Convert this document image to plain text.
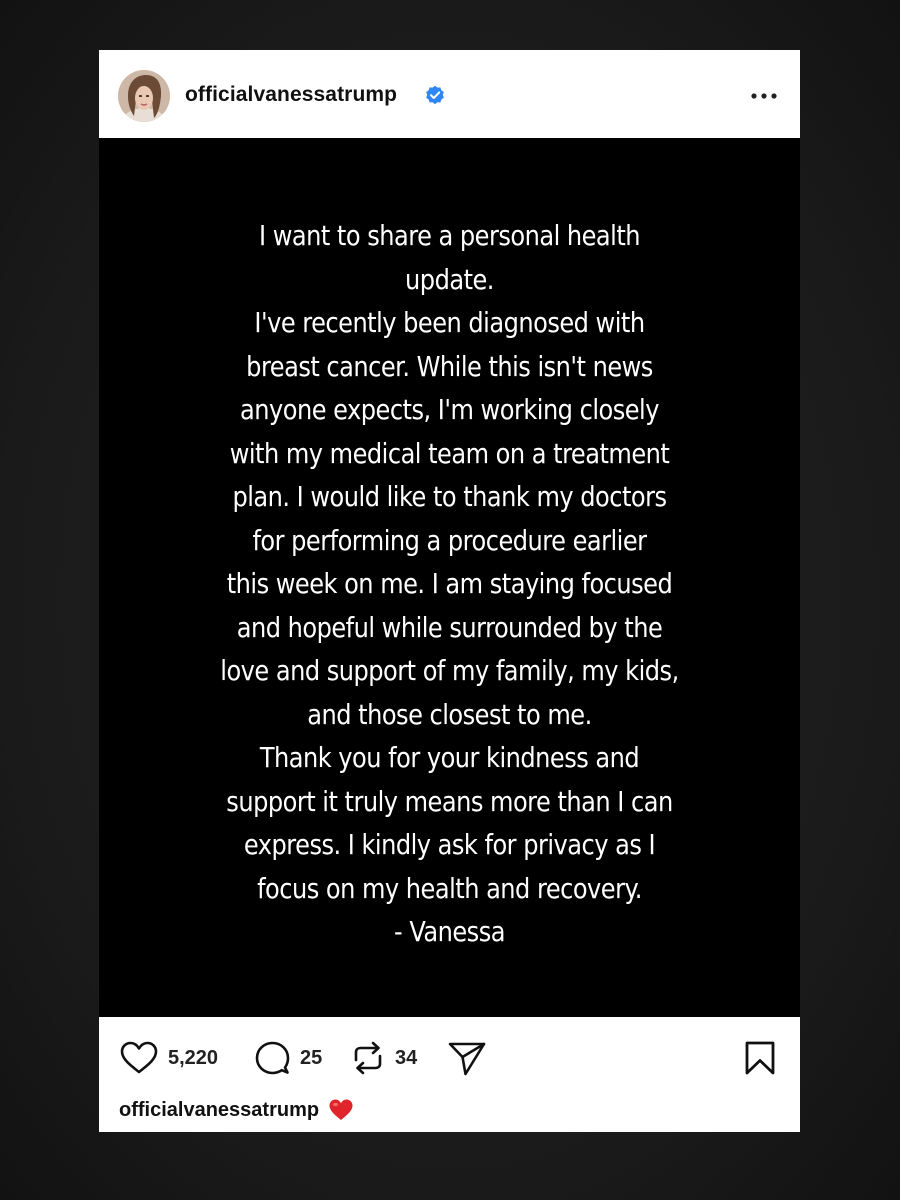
officialvanessatrump
I want to share a personal health
update.
I've recently been diagnosed with
breast cancer. While this isn't news
anyone expects, I'm working closely
with my medical team on a treatment
plan. I would like to thank my doctors
for performing a procedure earlier
this week on me. I am staying focused
and hopeful while surrounded by the
love and support of my family, my kids,
and those closest to me.
Thank you for your kindness and
support it truly means more than I can
express. I kindly ask for privacy as I
focus on my health and recovery.
- Vanessa
5,220	25	34
officialvanessatrump
